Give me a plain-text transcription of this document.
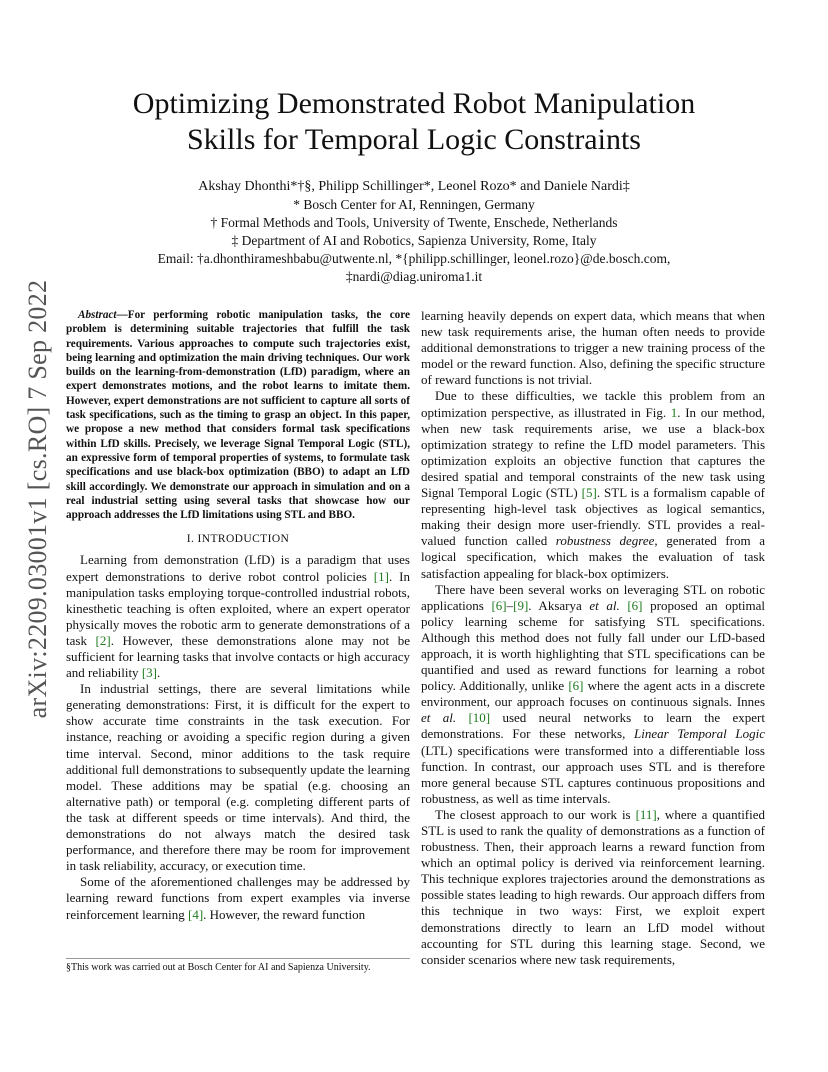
arXiv:2209.03001v1 [cs.RO] 7 Sep 2022
Optimizing Demonstrated Robot Manipulation
Skills for Temporal Logic Constraints
Akshay Dhonthi*†§, Philipp Schillinger*, Leonel Rozo* and Daniele Nardi‡
* Bosch Center for AI, Renningen, Germany
† Formal Methods and Tools, University of Twente, Enschede, Netherlands
‡ Department of AI and Robotics, Sapienza University, Rome, Italy
Email: †a.dhonthirameshbabu@utwente.nl, *{philipp.schillinger, leonel.rozo}@de.bosch.com,
‡nardi@diag.uniroma1.it

Abstract—For performing robotic manipulation tasks, the core problem is determining suitable trajectories that fulfill the task requirements. Various approaches to compute such trajectories exist, being learning and optimization the main driving techniques. Our work builds on the learning-from-demonstration (LfD) paradigm, where an expert demonstrates motions, and the robot learns to imitate them. However, expert demonstrations are not sufficient to capture all sorts of task specifications, such as the timing to grasp an object. In this paper, we propose a new method that considers formal task specifications within LfD skills. Precisely, we leverage Signal Temporal Logic (STL), an expressive form of temporal properties of systems, to formulate task specifications and use black-box optimization (BBO) to adapt an LfD skill accordingly. We demonstrate our approach in simulation and on a real industrial setting using several tasks that showcase how our approach addresses the LfD limitations using STL and BBO.

I. INTRODUCTION

Learning from demonstration (LfD) is a paradigm that uses expert demonstrations to derive robot control policies [1]. In manipulation tasks employing torque-controlled industrial robots, kinesthetic teaching is often exploited, where an expert operator physically moves the robotic arm to generate demonstrations of a task [2]. However, these demonstrations alone may not be sufficient for learning tasks that involve contacts or high accuracy and reliability [3].

In industrial settings, there are several limitations while generating demonstrations: First, it is difficult for the expert to show accurate time constraints in the task execution. For instance, reaching or avoiding a specific region during a given time interval. Second, minor additions to the task require additional full demonstrations to subsequently update the learning model. These additions may be spatial (e.g. choosing an alternative path) or temporal (e.g. completing different parts of the task at different speeds or time intervals). And third, the demonstrations do not always match the desired task performance, and therefore there may be room for improvement in task reliability, accuracy, or execution time.

Some of the aforementioned challenges may be addressed by learning reward functions from expert examples via inverse reinforcement learning [4]. However, the reward function

§This work was carried out at Bosch Center for AI and Sapienza University.

learning heavily depends on expert data, which means that when new task requirements arise, the human often needs to provide additional demonstrations to trigger a new training process of the model or the reward function. Also, defining the specific structure of reward functions is not trivial.

Due to these difficulties, we tackle this problem from an optimization perspective, as illustrated in Fig. 1. In our method, when new task requirements arise, we use a black-box optimization strategy to refine the LfD model parameters. This optimization exploits an objective function that captures the desired spatial and temporal constraints of the new task using Signal Temporal Logic (STL) [5]. STL is a formalism capable of representing high-level task objectives as logical semantics, making their design more user-friendly. STL provides a real-valued function called robustness degree, generated from a logical specification, which makes the evaluation of task satisfaction appealing for black-box optimizers.

There have been several works on leveraging STL on robotic applications [6]–[9]. Aksarya et al. [6] proposed an optimal policy learning scheme for satisfying STL specifications. Although this method does not fully fall under our LfD-based approach, it is worth highlighting that STL specifications can be quantified and used as reward functions for learning a robot policy. Additionally, unlike [6] where the agent acts in a discrete environment, our approach focuses on continuous signals. Innes et al. [10] used neural networks to learn the expert demonstrations. For these networks, Linear Temporal Logic (LTL) specifications were transformed into a differentiable loss function. In contrast, our approach uses STL and is therefore more general because STL captures continuous propositions and robustness, as well as time intervals.

The closest approach to our work is [11], where a quantified STL is used to rank the quality of demonstrations as a function of robustness. Then, their approach learns a reward function from which an optimal policy is derived via reinforcement learning. This technique explores trajectories around the demonstrations as possible states leading to high rewards. Our approach differs from this technique in two ways: First, we exploit expert demonstrations directly to learn an LfD model without accounting for STL during this learning stage. Second, we consider scenarios where new task requirements,
